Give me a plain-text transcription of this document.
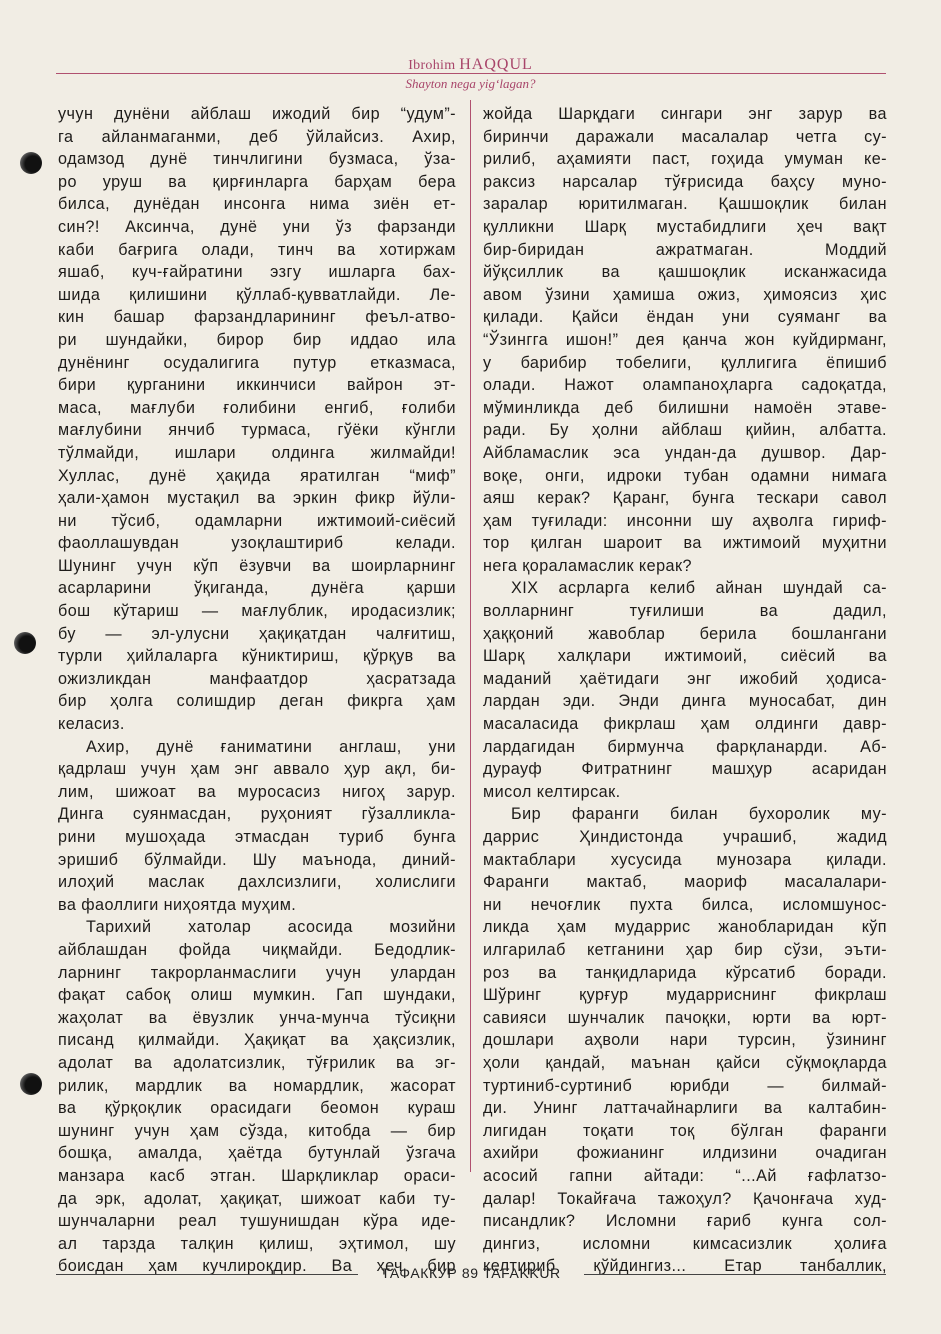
Ibrohim HAQQUL
Shayton nega yig‘lagan?
учун дунёни айблаш ижодий бир “удум”-
га айланмаганми, деб ўйлайсиз. Ахир,
одамзод дунё тинчлигини бузмаса, ўза-
ро уруш ва қирғинларга барҳам бера
билса, дунёдан инсонга нима зиён ет-
син?! Аксинча, дунё уни ўз фарзанди
каби бағрига олади, тинч ва хотиржам
яшаб, куч-ғайратини эзгу ишларга бах-
шида қилишини қўллаб-қувватлайди. Ле-
кин башар фарзандларининг феъл-атво-
ри шундайки, бирор бир иддао ила
дунёнинг осудалигига путур етказмаса,
бири қурганини иккинчиси вайрон эт-
маса, мағлуби ғолибини енгиб, ғолиби
мағлубини янчиб турмаса, гўёки кўнгли
тўлмайди, ишлари олдинга жилмайди!
Хуллас, дунё ҳақида яратилган “миф”
ҳали-ҳамон мустақил ва эркин фикр йўли-
ни тўсиб, одамларни ижтимоий-сиёсий
фаоллашувдан узоқлаштириб келади.
Шунинг учун кўп ёзувчи ва шоирларнинг
асарларини ўқиганда, дунёга қарши
бош кўтариш — мағлублик, иродасизлик;
бу — эл-улусни ҳақиқатдан чалғитиш,
турли ҳийлаларга кўниктириш, қўрқув ва
ожизликдан манфаатдор ҳасратзада
бир ҳолга солишдир деган фикрга ҳам
келасиз.
Ахир, дунё ғаниматини англаш, уни
қадрлаш учун ҳам энг аввало ҳур ақл, би-
лим, шижоат ва муросасиз нигоҳ зарур.
Динга суянмасдан, руҳоният гўзалликла-
рини мушоҳада этмасдан туриб бунга
эришиб бўлмайди. Шу маънода, диний-
илоҳий маслак дахлсизлиги, холислиги
ва фаоллиги ниҳоятда муҳим.
Тарихий хатолар асосида мозийни
айблашдан фойда чиқмайди. Бедодлик-
ларнинг такрорланмаслиги учун улардан
фақат сабоқ олиш мумкин. Гап шундаки,
жаҳолат ва ёвузлик унча-мунча тўсиқни
писанд қилмайди. Ҳақиқат ва ҳақсизлик,
адолат ва адолатсизлик, тўғрилик ва эг-
рилик, мардлик ва номардлик, жасорат
ва қўрқоқлик орасидаги беомон кураш
шунинг учун ҳам сўзда, китобда — бир
бошқа, амалда, ҳаётда бутунлай ўзгача
манзара касб этган. Шарқликлар ораси-
да эрк, адолат, ҳақиқат, шижоат каби ту-
шунчаларни реал тушунишдан кўра иде-
ал тарзда талқин қилиш, эҳтимол, шу
боисдан ҳам кучлироқдир. Ва ҳеч бир
жойда Шарқдаги сингари энг зарур ва
биринчи даражали масалалар четга су-
рилиб, аҳамияти паст, гоҳида умуман ке-
раксиз нарсалар тўғрисида баҳсу муно-
заралар юритилмаган. Қашшоқлик билан
қулликни Шарқ мустабидлиги ҳеч вақт
бир-биридан ажратмаган. Моддий
йўқсиллик ва қашшоқлик исканжасида
авом ўзини ҳамиша ожиз, ҳимоясиз ҳис
қилади. Қайси ёндан уни суяманг ва
“Ўзингга ишон!” дея қанча жон куйдирманг,
у барибир тобелиги, қуллигига ёпишиб
олади. Нажот олампаноҳларга садоқатда,
мўминликда деб билишни намоён этаве-
ради. Бу ҳолни айблаш қийин, албатта.
Айбламаслик эса ундан-да душвор. Дар-
воқе, онги, идроки тубан одамни нимага
аяш керак? Қаранг, бунга тескари савол
ҳам туғилади: инсонни шу аҳволга гириф-
тор қилган шароит ва ижтимоий муҳитни
нега қораламаслик керак?
XIX асрларга келиб айнан шундай са-
волларнинг туғилиши ва дадил,
ҳаққоний жавоблар берила бошлангани
Шарқ халқлари ижтимоий, сиёсий ва
маданий ҳаётидаги энг ижобий ҳодиса-
лардан эди. Энди динга муносабат, дин
масаласида фикрлаш ҳам олдинги давр-
лардагидан бирмунча фарқланарди. Аб-
дурауф Фитратнинг машҳур асаридан
мисол келтирсак.
Бир фаранги билан бухоролик му-
даррис Ҳиндистонда учрашиб, жадид
мактаблари хусусида мунозара қилади.
Фаранги мактаб, маориф масалалари-
ни нечоғлик пухта билса, исломшунос-
ликда ҳам мударрис жанобларидан кўп
илгарилаб кетганини ҳар бир сўзи, эъти-
роз ва танқидларида кўрсатиб боради.
Шўринг қурғур мударриснинг фикрлаш
савияси шунчалик пачоқки, юрти ва юрт-
дошлари аҳволи нари турсин, ўзининг
ҳоли қандай, маънан қайси сўқмоқларда
туртиниб-суртиниб юрибди — билмай-
ди. Унинг латтачайнарлиги ва калтабин-
лигидан тоқати тоқ бўлган фаранги
ахийри фожианинг илдизини очадиган
асосий гапни айтади: “...Ай ғафлатзо-
далар! Токайғача тажоҳул? Қачонғача худ-
писандлик? Исломни ғариб кунга сол-
дингиз, исломни кимсасизлик ҳолиға
келтириб қўйдингиз... Етар танбаллик,
ТАФАККУР 89 TAFAKKUR
